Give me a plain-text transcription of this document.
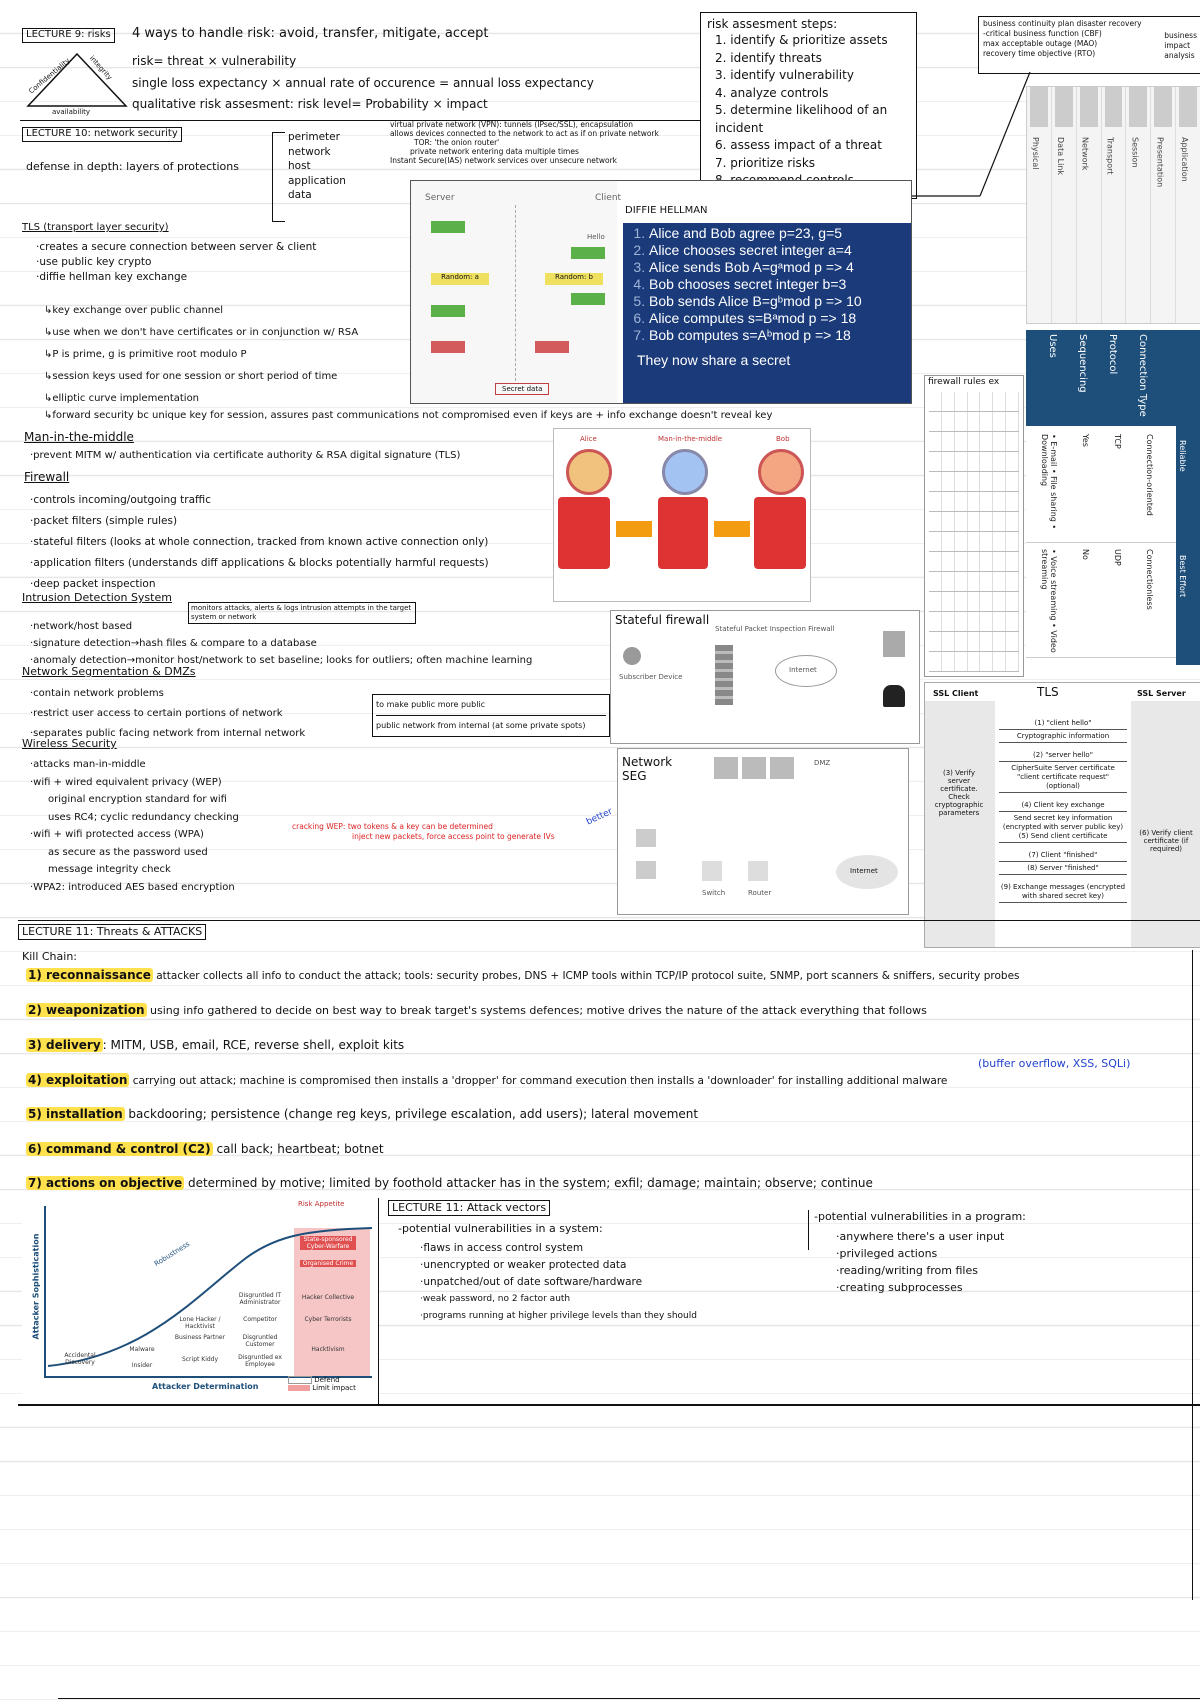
LECTURE 9: risks	4 ways to handle risk: avoid, transfer, mitigate, accept
risk= threat × vulnerability
single loss expectancy × annual rate of occurence = annual loss expectancy
qualitative risk assesment: risk level= Probability × impact
Confidentiality integrity
availability
risk assesment steps:
1. identify & prioritize assets
2. identify threats
3. identify vulnerability
4. analyze controls
5. determine likelihood of an incident
6. assess impact of a threat
7. prioritize risks
business continuity plan disaster recovery
-critical business function (CBF)
max acceptable outage (MAO)
recovery time objective (RTO)
business
impact
analysis
Physical Data Link Network Transport Session Presentation Application
LECTURE 10: network security
defense in depth: layers of protections
perimeter
network
host
application
data
virtual private network (VPN): tunnels (IPsec/SSL), encapsulation
allows devices connected to the network to act as if on private network
TOR: 'the onion router'
private network entering data multiple times
Instant Secure(IAS) network services over unsecure network
Server	Client
Hello
Random: a	Random: b
Secret data
DIFFIE HELLMAN
1. Alice and Bob agree p=23, g=5
2. Alice chooses secret integer a=4
3. Alice sends Bob A=gᵃmod p => 4
4. Bob chooses secret integer b=3
5. Bob sends Alice B=gᵇmod p => 10
6. Alice computes s=Bᵃmod p => 18
7. Bob computes s=Aᵇmod p => 18
They now share a secret
TLS (transport layer security)
·creates a secure connection between server & client
·use public key crypto
·diffie hellman key exchange
↳key exchange over public channel
↳use when we don't have certificates or in conjunction w/ RSA
↳P is prime, g is primitive root modulo P
↳session keys used for one session or short period of time
↳elliptic curve implementation
↳forward security bc unique key for session, assures past communications not compromised even if keys are + info exchange doesn't reveal key
Man-in-the-middle
·prevent MITM w/ authentication via certificate authority & RSA digital signature (TLS)
Alice	Man-in-the-middle	Bob
Firewall
·controls incoming/outgoing traffic
·packet filters (simple rules)
·stateful filters (looks at whole connection, tracked from known active connection only)
·application filters (understands diff applications & blocks potentially harmful requests)
·deep packet inspection
Intrusion Detection System
monitors attacks, alerts & logs intrusion attempts in the target system or network
·network/host based
·signature detection→hash files & compare to a database
·anomaly detection→monitor host/network to set baseline; looks for outliers; often machine learning
Network Segmentation & DMZs
·contain network problems
·restrict user access to certain portions of network
·separates public facing network from internal network
to make public more public
public network from internal (at some private spots)
Wireless Security
·attacks man-in-middle
·wifi + wired equivalent privacy (WEP)
original encryption standard for wifi
uses RC4; cyclic redundancy checking
·wifi + wifi protected access (WPA)
as secure as the password used
message integrity check
·WPA2: introduced AES based encryption
cracking WEP: two tokens & a key can be determined
inject new packets, force access point to generate IVs
better
firewall rules ex
Uses	Sequencing	Protocol	Connection Type
• E-mail • File sharing • Downloading	Yes	TCP	Connection-oriented	Reliable
• Voice streaming • Video streaming	No	UDP	Connectionless	Best Effort
Stateful firewall
Stateful Packet Inspection Firewall
Internet
Subscriber Device
Network SEG
DMZ
Switch	Router
Internet
TLS
SSL Client	SSL Server
(3) Verify server certificate. Check cryptographic parameters
(6) Verify client certificate (if required)
(1) "client hello"
Cryptographic information
(2) "server hello"
CipherSuite Server certificate "client certificate request" (optional)
(4) Client key exchange
Send secret key information (encrypted with server public key) (5) Send client certificate
(7) Client "finished"
(8) Server "finished"
(9) Exchange messages (encrypted with shared secret key)
LECTURE 11: Threats & ATTACKS
Kill Chain:
1) reconnaissance attacker collects all info to conduct the attack; tools: security probes, DNS + ICMP tools within TCP/IP protocol suite, SNMP, port scanners & sniffers, security probes
2) weaponization using info gathered to decide on best way to break target's systems defences; motive drives the nature of the attack everything that follows
3) delivery : MITM, USB, email, RCE, reverse shell, exploit kits
(buffer overflow, XSS, SQLi)
4) exploitation carrying out attack; machine is compromised then installs a 'dropper' for command execution then installs a 'downloader' for installing additional malware
5) installation backdooring; persistence (change reg keys, privilege escalation, add users); lateral movement
6) command & control (C2) call back; heartbeat; botnet
7) actions on objective determined by motive; limited by foothold attacker has in the system; exfil; damage; maintain; observe; continue
Attacker Sophistication
Risk Appetite
Robustness
Accidental Discovery
Malware
Insider
Lone Hacker / Hacktivist
Business Partner
Script Kiddy
Disgruntled IT Administrator
Competitor
Disgruntled Customer
Disgruntled ex Employee
State-sponsored Cyber-Warfare
Organised Crime
Hacker Collective
Cyber Terrorists
Hacktivism
Attacker Determination
Defend
Limit impact
LECTURE 11: Attack vectors
-potential vulnerabilities in a system:
·flaws in access control system
·unencrypted or weaker protected data
·unpatched/out of date software/hardware
·weak password, no 2 factor auth
·programs running at higher privilege levels than they should
-potential vulnerabilities in a program:
·anywhere there's a user input
·privileged actions
·reading/writing from files
·creating subprocesses
